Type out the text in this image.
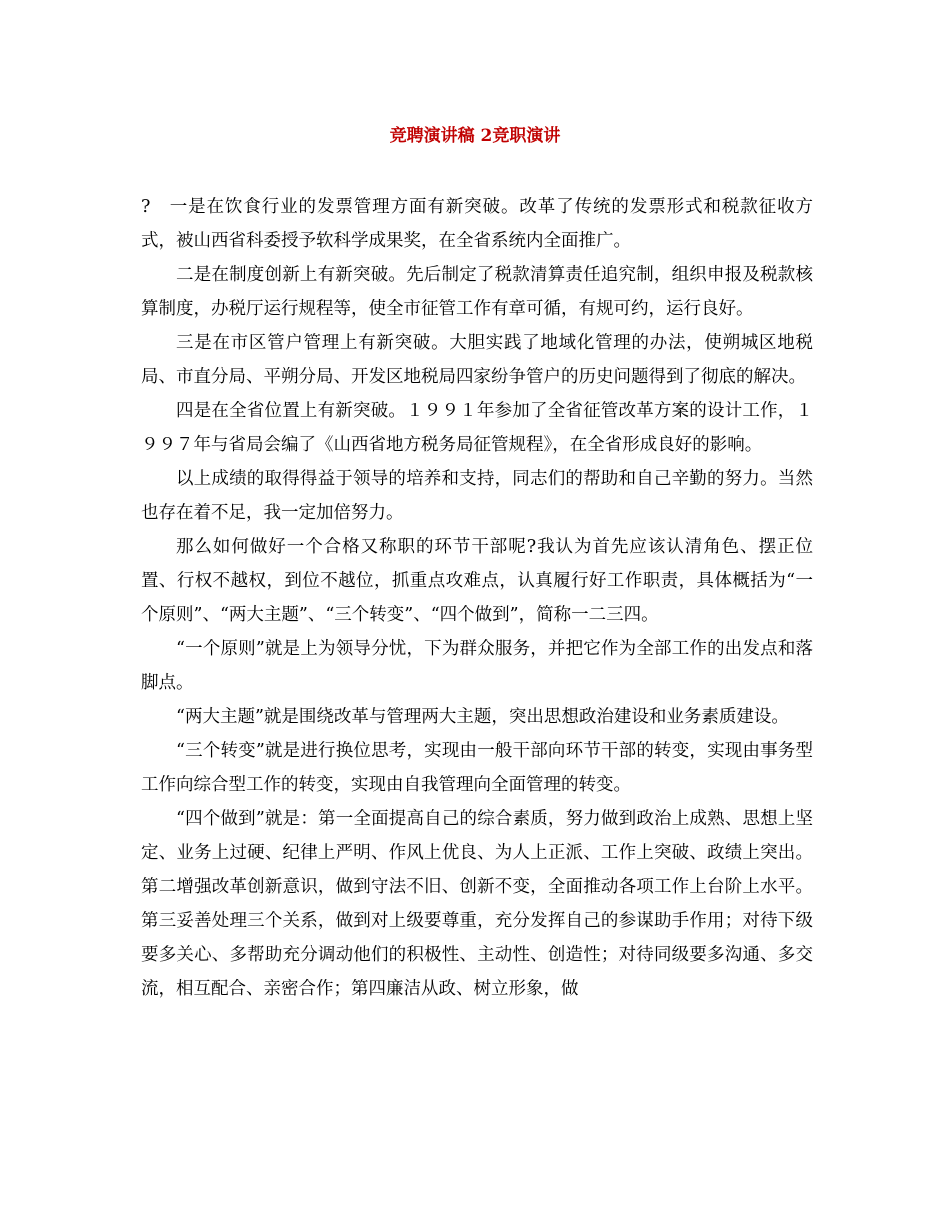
竞聘演讲稿 2竞职演讲

?　一是在饮食行业的发票管理方面有新突破。改革了传统的发票形式和税款征收方式，被山西省科委授予软科学成果奖，在全省系统内全面推广。

二是在制度创新上有新突破。先后制定了税款清算责任追究制，组织申报及税款核算制度，办税厅运行规程等，使全市征管工作有章可循，有规可约，运行良好。

三是在市区管户管理上有新突破。大胆实践了地域化管理的办法，使朔城区地税局、市直分局、平朔分局、开发区地税局四家纷争管户的历史问题得到了彻底的解决。

四是在全省位置上有新突破。１９９１年参加了全省征管改革方案的设计工作，１９９７年与省局会编了《山西省地方税务局征管规程》，在全省形成良好的影响。

以上成绩的取得得益于领导的培养和支持，同志们的帮助和自己辛勤的努力。当然也存在着不足，我一定加倍努力。

那么如何做好一个合格又称职的环节干部呢?我认为首先应该认清角色、摆正位置、行权不越权，到位不越位，抓重点攻难点，认真履行好工作职责，具体概括为“一个原则”、“两大主题”、“三个转变”、“四个做到”，简称一二三四。

“一个原则”就是上为领导分忧，下为群众服务，并把它作为全部工作的出发点和落脚点。

“两大主题”就是围绕改革与管理两大主题，突出思想政治建设和业务素质建设。

“三个转变”就是进行换位思考，实现由一般干部向环节干部的转变，实现由事务型工作向综合型工作的转变，实现由自我管理向全面管理的转变。

“四个做到”就是：第一全面提高自己的综合素质，努力做到政治上成熟、思想上坚定、业务上过硬、纪律上严明、作风上优良、为人上正派、工作上突破、政绩上突出。第二增强改革创新意识，做到守法不旧、创新不变，全面推动各项工作上台阶上水平。第三妥善处理三个关系，做到对上级要尊重，充分发挥自己的参谋助手作用；对待下级要多关心、多帮助充分调动他们的积极性、主动性、创造性；对待同级要多沟通、多交流，相互配合、亲密合作；第四廉洁从政、树立形象，做
